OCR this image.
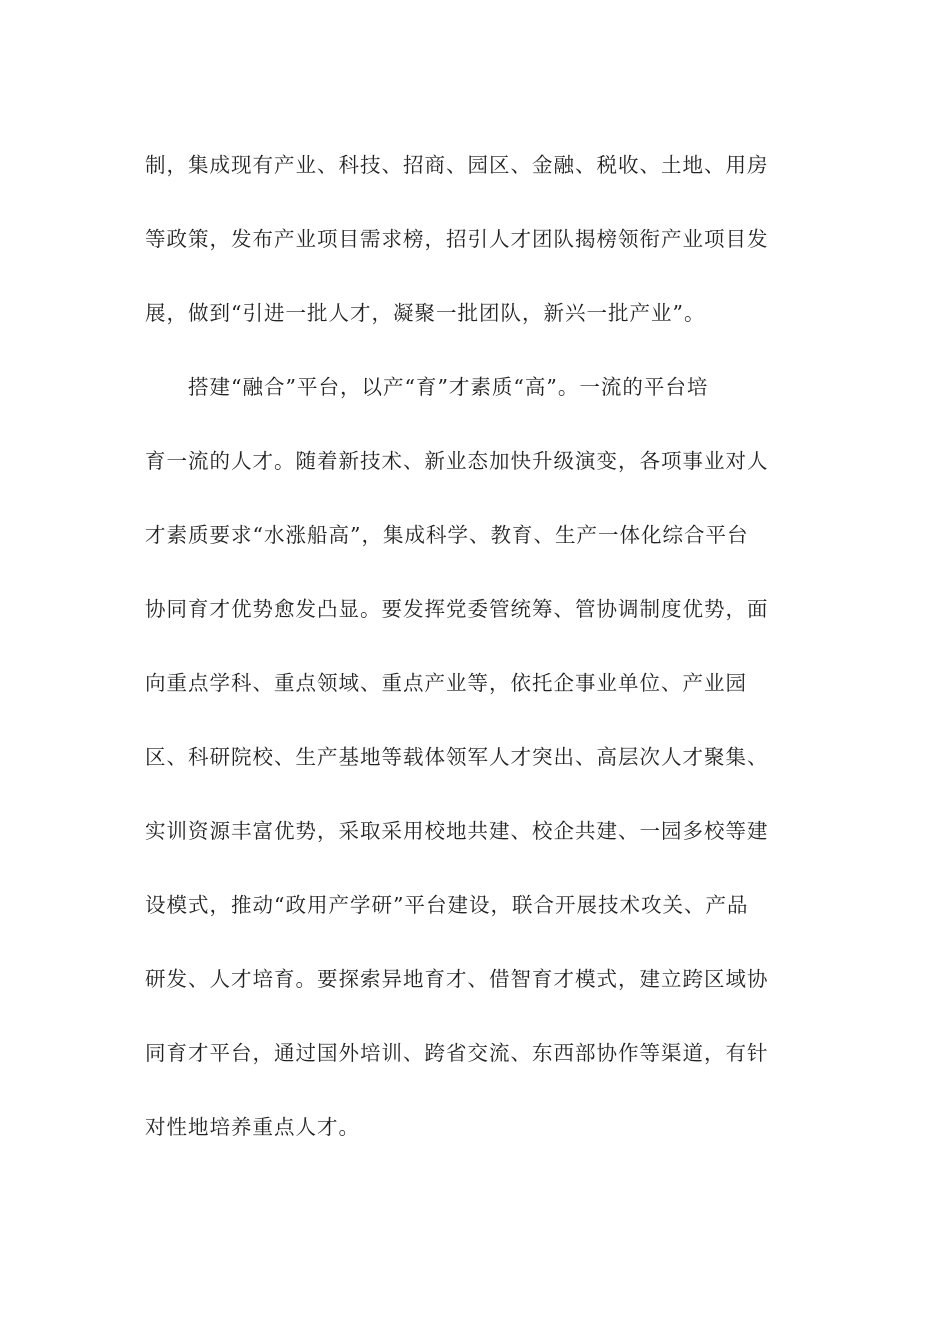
制，集成现有产业、科技、招商、园区、金融、税收、土地、用房
等政策，发布产业项目需求榜，招引人才团队揭榜领衔产业项目发
展，做到“引进一批人才，凝聚一批团队，新兴一批产业”。
搭建“融合”平台，以产“育”才素质“高”。一流的平台培
育一流的人才。随着新技术、新业态加快升级演变，各项事业对人
才素质要求“水涨船高”，集成科学、教育、生产一体化综合平台
协同育才优势愈发凸显。要发挥党委管统筹、管协调制度优势，面
向重点学科、重点领域、重点产业等，依托企事业单位、产业园
区、科研院校、生产基地等载体领军人才突出、高层次人才聚集、
实训资源丰富优势，采取采用校地共建、校企共建、一园多校等建
设模式，推动“政用产学研”平台建设，联合开展技术攻关、产品
研发、人才培育。要探索异地育才、借智育才模式，建立跨区域协
同育才平台，通过国外培训、跨省交流、东西部协作等渠道，有针
对性地培养重点人才。
